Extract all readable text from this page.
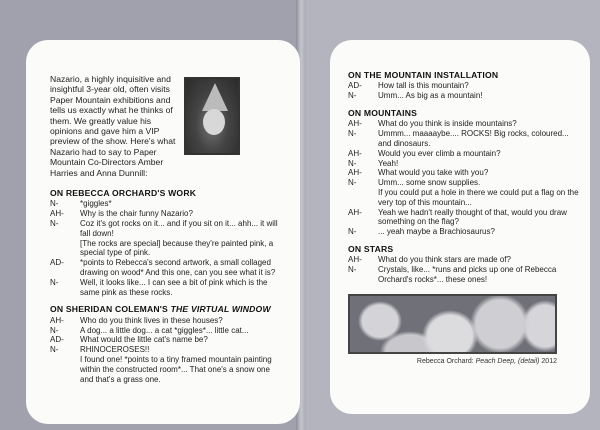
Nazario, a highly inquisitive and insightful 3-year old, often visits Paper Mountain exhibitions and tells us exactly what he thinks of them. We greatly value his opinions and gave him a VIP preview of the show. Here's what Nazario had to say to Paper Mountain Co-Directors Amber Harries and Anna Dunnill:

ON REBECCA ORCHARD'S WORK
N-	*giggles*
AH-	Why is the chair funny Nazario?
N-	Coz it's got rocks on it... and if you sit on it... ahh... it will fall down!
[The rocks are special] because they're painted pink, a special type of pink.
AD-	*points to Rebecca's second artwork, a small collaged drawing on wood* And this one, can you see what it is?
N-	Well, it looks like... I can see a bit of pink which is the same pink as these rocks.
ON SHERIDAN COLEMAN'S THE VIRTUAL WINDOW
AH-	Who do you think lives in these houses?
N-	A dog... a little dog... a cat *giggles*... little cat...
AD-	What would the little cat's name be?
N-	RHINOCEROSES!!
I found one! *points to a tiny framed mountain painting within the constructed room*... That one's a snow one and that's a grass one.
ON THE MOUNTAIN INSTALLATION
AD-	How tall is this mountain?
N-	Umm... As big as a mountain!
ON MOUNTAINS
AH-	What do you think is inside mountains?
N-	Ummm... maaaaybe.... ROCKS! Big rocks, coloured... and dinosaurs.
AH-	Would you ever climb a mountain?
N-	Yeah!
AH-	What would you take with you?
N-	Umm... some snow supplies.
If you could put a hole in there we could put a flag on the very top of this mountain...
AH-	Yeah we hadn't really thought of that, would you draw something on the flag?
N-	... yeah maybe a Brachiosaurus?
ON STARS
AH-	What do you think stars are made of?
N-	Crystals, like... *runs and picks up one of Rebecca Orchard's rocks*... these ones!
Rebecca Orchard: Peach Deep, (detail) 2012
